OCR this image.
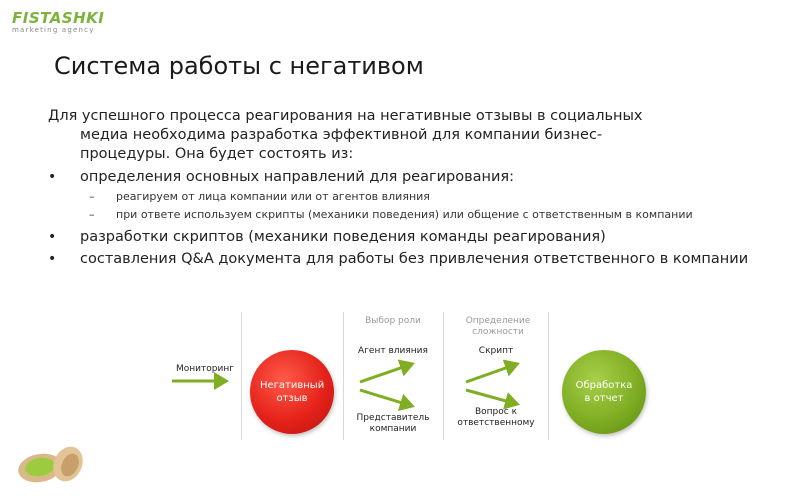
FISTASHKI
marketing agency
Система работы с негативом

Для успешного процесса реагирования на негативные отзывы в социальных
медиа необходима разработка эффективной для компании бизнес-
процедуры. Она будет состоять из:

• определения основных направлений для реагирования:
– реагируем от лица компании или от агентов влияния
– при ответе используем скрипты (механики поведения) или общение с ответственным в компании
• разработки скриптов (механики поведения команды реагирования)
• составления Q&A документа для работы без привлечения ответственного в компании
Выбор роли	Определение сложности
Мониторинг
Негативный отзыв
Агент влияния
Представитель компании
Скрипт
Вопрос к ответственному
Обработка в отчет
